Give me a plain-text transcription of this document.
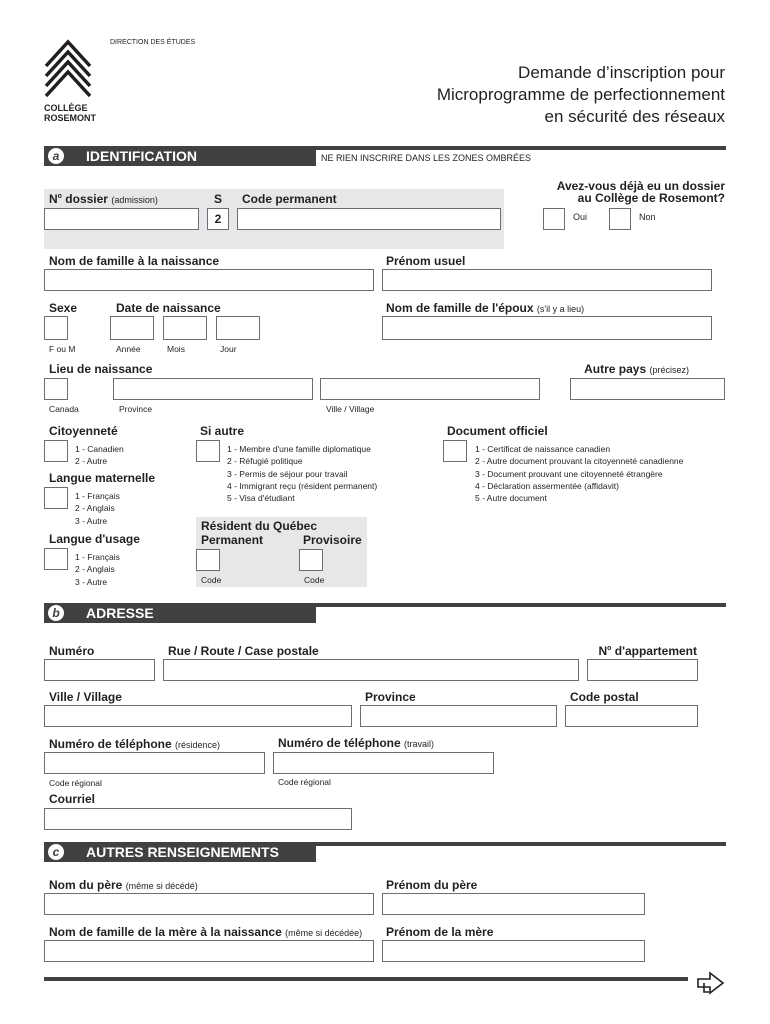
COLLÈGE
ROSEMONT
DIRECTION DES ÉTUDES
Demande d’inscription pour
Microprogramme de perfectionnement
en sécurité des réseaux
a	IDENTIFICATION	NE RIEN INSCRIRE DANS LES ZONES OMBRÉES
$N^o$ dossier (admission)	S
2
Code permanent
Avez-vous déjà eu un dossier
au Collège de Rosemont?
Oui	Non
Nom de famille à la naissance	Prénom usuel
Sexe
F ou M
Date de naissance
Année	Mois	Jour
Nom de famille de l'époux (s'il y a lieu)
Lieu de naissance
Canada	Province	Ville / Village
Autre pays (précisez)
Citoyenneté
1 - Canadien
2 - Autre
Si autre
1 - Membre d'une famille diplomatique
2 - Réfugié politique
3 - Permis de séjour pour travail
4 - Immigrant reçu (résident permanent)
5 - Visa d'étudiant
Document officiel
1 - Certificat de naissance canadien
2 - Autre document prouvant la citoyenneté canadienne
3 - Document prouvant une citoyenneté étrangère
4 - Déclaration assermentée (affidavit)
5 - Autre document
Langue maternelle
1 - Français
2 - Anglais
3 - Autre
Langue d'usage
1 - Français
2 - Anglais
3 - Autre
Résident du Québec
Permanent	Provisoire
Code	Code
b	ADRESSE
Numéro	Rue / Route / Case postale	$N^o$ d'appartement
Ville / Village	Province	Code postal
Numéro de téléphone (résidence)	Numéro de téléphone (travail)
Code régional	Code régional
Courriel
c	AUTRES RENSEIGNEMENTS
Nom du père (même si décédé)	Prénom du père
Nom de famille de la mère à la naissance (même si décédée) Prénom de la mère
